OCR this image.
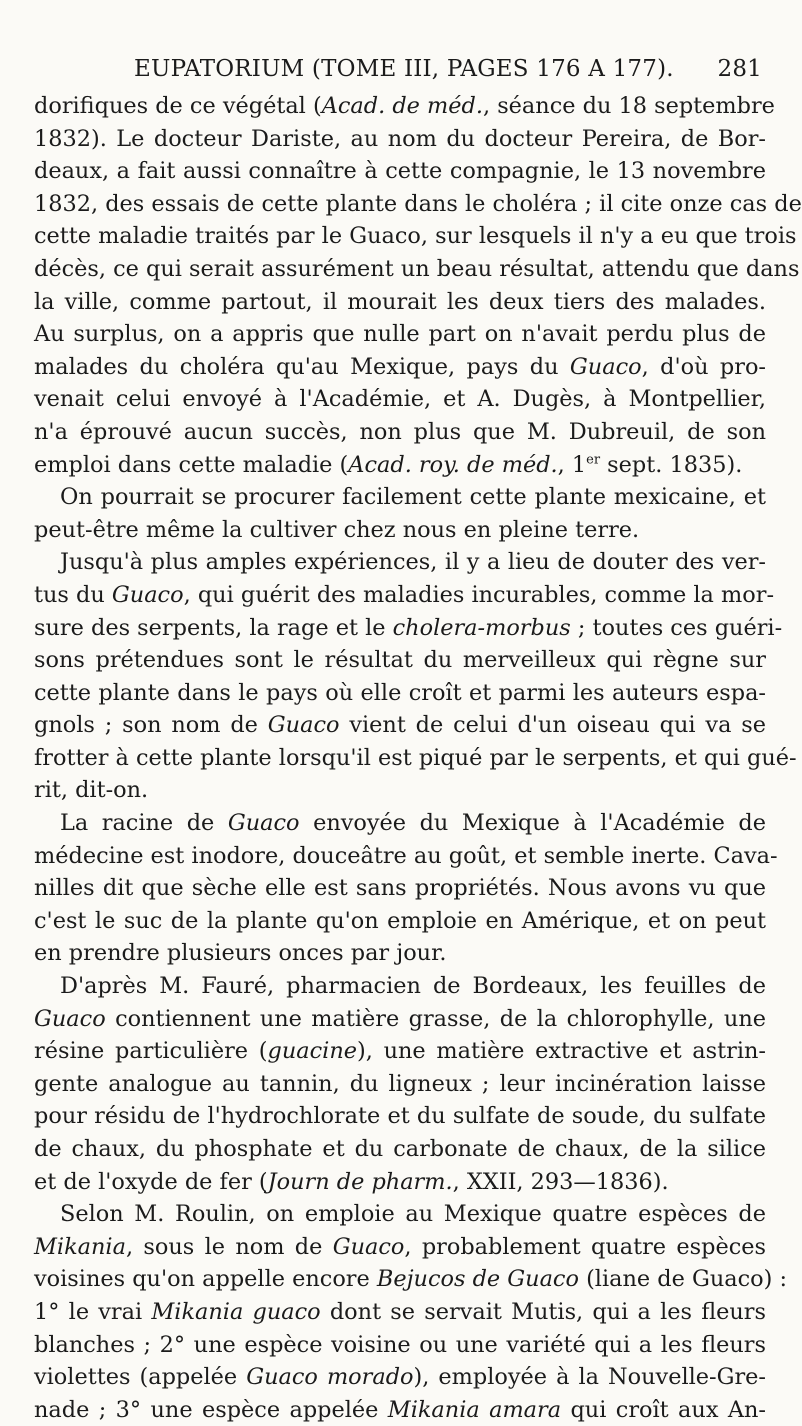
EUPATORIUM (TOME III, PAGES 176 A 177). 281
dorifiques de ce végétal (Acad. de méd., séance du 18 septembre
1832). Le docteur Dariste, au nom du docteur Pereira, de Bor-
deaux, a fait aussi connaître à cette compagnie, le 13 novembre
1832, des essais de cette plante dans le choléra ; il cite onze cas de
cette maladie traités par le Guaco, sur lesquels il n'y a eu que trois
décès, ce qui serait assurément un beau résultat, attendu que dans
la ville, comme partout, il mourait les deux tiers des malades.
Au surplus, on a appris que nulle part on n'avait perdu plus de
malades du choléra qu'au Mexique, pays du Guaco, d'où pro-
venait celui envoyé à l'Académie, et A. Dugès, à Montpellier,
n'a éprouvé aucun succès, non plus que M. Dubreuil, de son
emploi dans cette maladie (Acad. roy. de méd., 1er sept. 1835).
On pourrait se procurer facilement cette plante mexicaine, et
peut-être même la cultiver chez nous en pleine terre.
Jusqu'à plus amples expériences, il y a lieu de douter des ver-
tus du Guaco, qui guérit des maladies incurables, comme la mor-
sure des serpents, la rage et le cholera-morbus ; toutes ces guéri-
sons prétendues sont le résultat du merveilleux qui règne sur
cette plante dans le pays où elle croît et parmi les auteurs espa-
gnols ; son nom de Guaco vient de celui d'un oiseau qui va se
frotter à cette plante lorsqu'il est piqué par le serpents, et qui gué-
rit, dit-on.
La racine de Guaco envoyée du Mexique à l'Académie de
médecine est inodore, douceâtre au goût, et semble inerte. Cava-
nilles dit que sèche elle est sans propriétés. Nous avons vu que
c'est le suc de la plante qu'on emploie en Amérique, et on peut
en prendre plusieurs onces par jour.
D'après M. Fauré, pharmacien de Bordeaux, les feuilles de
Guaco contiennent une matière grasse, de la chlorophylle, une
résine particulière (guacine), une matière extractive et astrin-
gente analogue au tannin, du ligneux ; leur incinération laisse
pour résidu de l'hydrochlorate et du sulfate de soude, du sulfate
de chaux, du phosphate et du carbonate de chaux, de la silice
et de l'oxyde de fer (Journ de pharm., XXII, 293—1836).
Selon M. Roulin, on emploie au Mexique quatre espèces de
Mikania, sous le nom de Guaco, probablement quatre espèces
voisines qu'on appelle encore Bejucos de Guaco (liane de Guaco) :
1° le vrai Mikania guaco dont se servait Mutis, qui a les fleurs
blanches ; 2° une espèce voisine ou une variété qui a les fleurs
violettes (appelée Guaco morado), employée à la Nouvelle-Gre-
nade ; 3° une espèce appelée Mikania amara qui croît aux An-
